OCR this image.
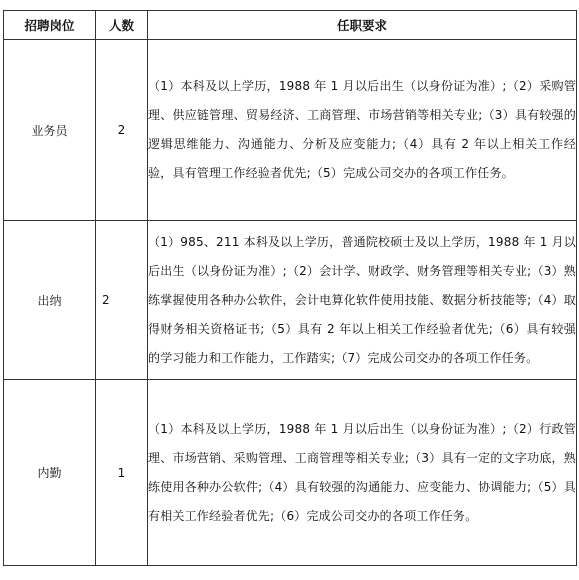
招聘岗位	人数	任职要求
业务员	2	（1）本科及以上学历，1988 年 1 月以后出生（以身份证为准）;（2）采购管理、供应链管理、贸易经济、工商管理、市场营销等相关专业;（3）具有较强的逻辑思维能力、沟通能力、分析及应变能力;（4）具有 2 年以上相关工作经验，具有管理工作经验者优先;（5）完成公司交办的各项工作任务。
出纳	2	（1）985、211 本科及以上学历，普通院校硕士及以上学历，1988 年 1 月以后出生（以身份证为准）;（2）会计学、财政学、财务管理等相关专业;（3）熟练掌握使用各种办公软件，会计电算化软件使用技能、数据分析技能等;（4）取得财务相关资格证书;（5）具有 2 年以上相关工作经验者优先;（6）具有较强的学习能力和工作能力，工作踏实;（7）完成公司交办的各项工作任务。
内勤	1	（1）本科及以上学历，1988 年 1 月以后出生（以身份证为准）;（2）行政管理、市场营销、采购管理、工商管理等相关专业;（3）具有一定的文字功底，熟练使用各种办公软件;（4）具有较强的沟通能力、应变能力、协调能力;（5）具有相关工作经验者优先;（6）完成公司交办的各项工作任务。
